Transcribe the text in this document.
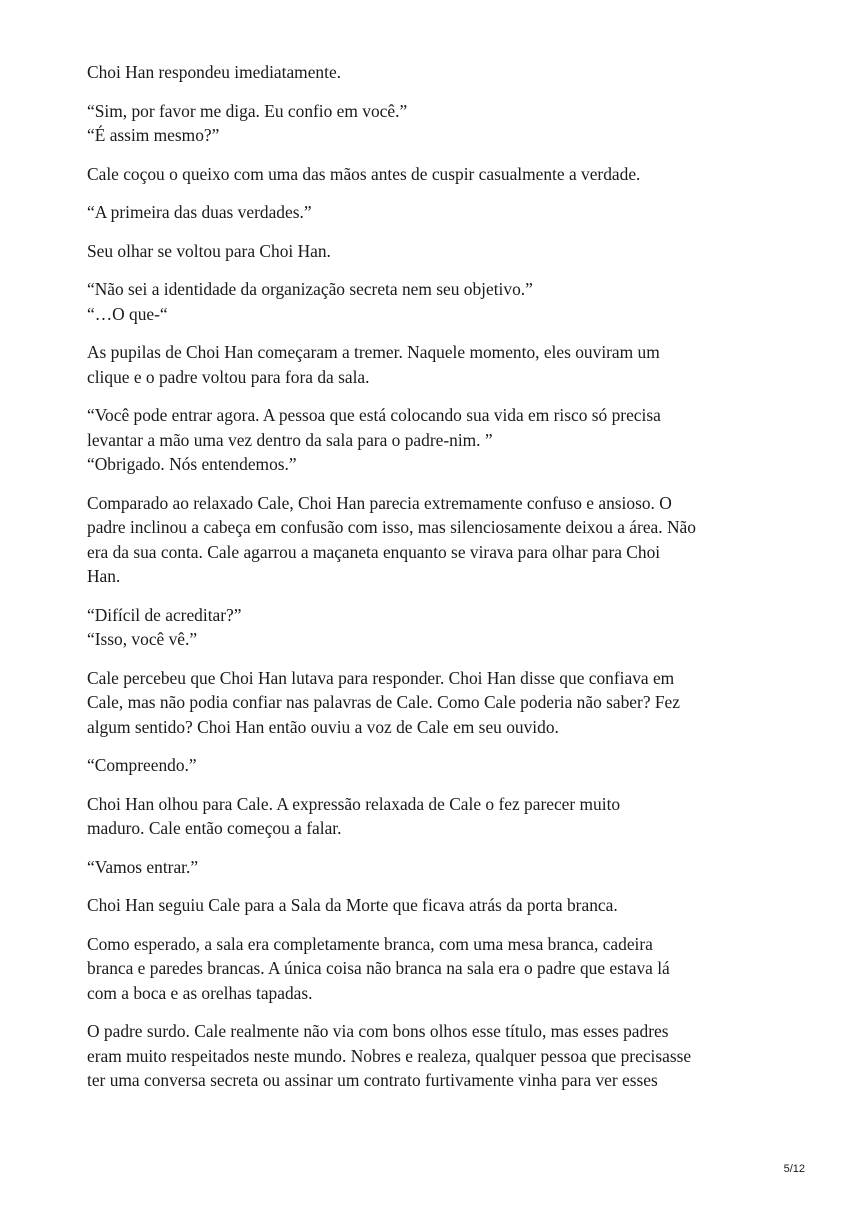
Choi Han respondeu imediatamente.

“Sim, por favor me diga. Eu confio em você.”
“É assim mesmo?”

Cale coçou o queixo com uma das mãos antes de cuspir casualmente a verdade.

“A primeira das duas verdades.”

Seu olhar se voltou para Choi Han.

“Não sei a identidade da organização secreta nem seu objetivo.”
“…O que-“

As pupilas de Choi Han começaram a tremer. Naquele momento, eles ouviram um
clique e o padre voltou para fora da sala.

“Você pode entrar agora. A pessoa que está colocando sua vida em risco só precisa
levantar a mão uma vez dentro da sala para o padre-nim. ”
“Obrigado. Nós entendemos.”

Comparado ao relaxado Cale, Choi Han parecia extremamente confuso e ansioso. O
padre inclinou a cabeça em confusão com isso, mas silenciosamente deixou a área. Não
era da sua conta. Cale agarrou a maçaneta enquanto se virava para olhar para Choi
Han.

“Difícil de acreditar?”
“Isso, você vê.”

Cale percebeu que Choi Han lutava para responder. Choi Han disse que confiava em
Cale, mas não podia confiar nas palavras de Cale. Como Cale poderia não saber? Fez
algum sentido? Choi Han então ouviu a voz de Cale em seu ouvido.

“Compreendo.”

Choi Han olhou para Cale. A expressão relaxada de Cale o fez parecer muito
maduro. Cale então começou a falar.

“Vamos entrar.”

Choi Han seguiu Cale para a Sala da Morte que ficava atrás da porta branca.

Como esperado, a sala era completamente branca, com uma mesa branca, cadeira
branca e paredes brancas. A única coisa não branca na sala era o padre que estava lá
com a boca e as orelhas tapadas.

O padre surdo. Cale realmente não via com bons olhos esse título, mas esses padres
eram muito respeitados neste mundo. Nobres e realeza, qualquer pessoa que precisasse
ter uma conversa secreta ou assinar um contrato furtivamente vinha para ver esses

5/12
